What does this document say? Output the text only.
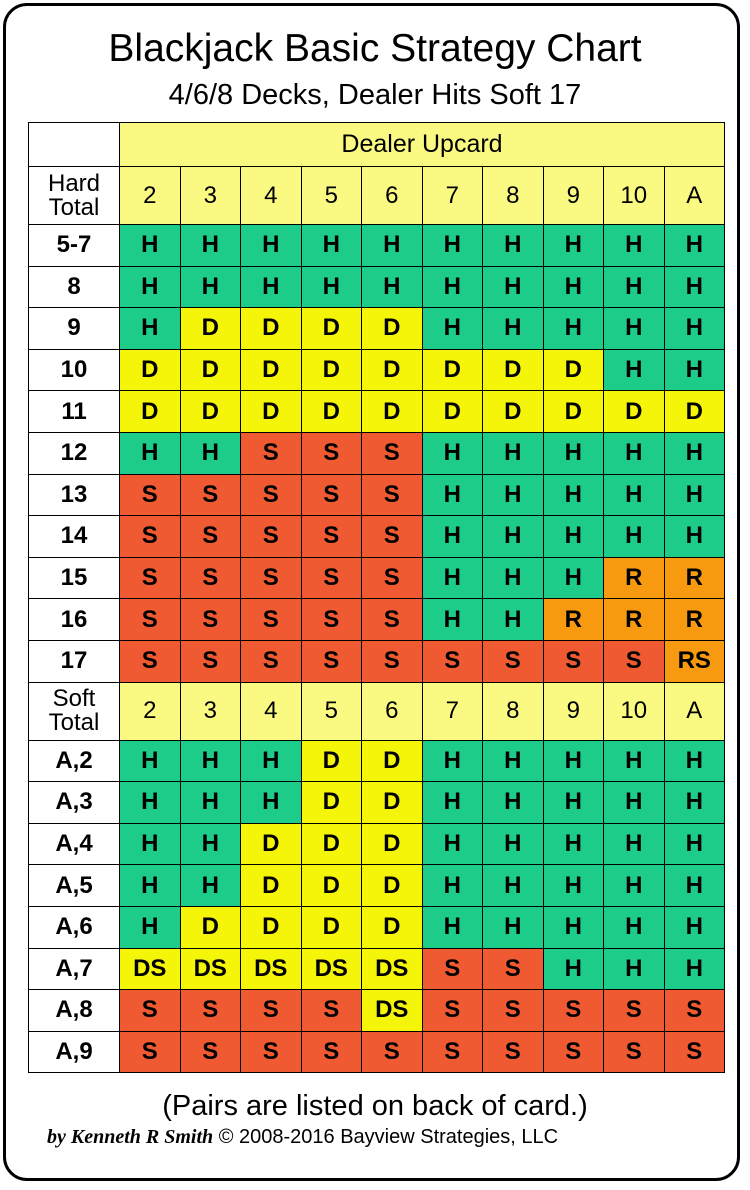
Blackjack Basic Strategy Chart
4/6/8 Decks, Dealer Hits Soft 17
	Dealer Upcard									

Hard
Total	2	3	4	5	6	7	8	9	10	A
5-7	H	H	H	H	H	H	H	H	H	H
8	H	H	H	H	H	H	H	H	H	H
9	H	D	D	D	D	H	H	H	H	H
10	D	D	D	D	D	D	D	D	H	H
11	D	D	D	D	D	D	D	D	D	D
12	H	H	S	S	S	H	H	H	H	H
13	S	S	S	S	S	H	H	H	H	H
14	S	S	S	S	S	H	H	H	H	H
15	S	S	S	S	S	H	H	H	R	R
16	S	S	S	S	S	H	H	R	R	R
17	S	S	S	S	S	S	S	S	S	RS

Soft
Total	2	3	4	5	6	7	8	9	10	A
A,2	H	H	H	D	D	H	H	H	H	H
A,3	H	H	H	D	D	H	H	H	H	H
A,4	H	H	D	D	D	H	H	H	H	H
A,5	H	H	D	D	D	H	H	H	H	H
A,6	H	D	D	D	D	H	H	H	H	H
A,7	DS	DS	DS	DS	DS	S	S	H	H	H
A,8	S	S	S	S	DS	S	S	S	S	S
A,9	S	S	S	S	S	S	S	S	S	S
(Pairs are listed on back of card.)
by Kenneth R Smith © 2008-2016 Bayview Strategies, LLC
